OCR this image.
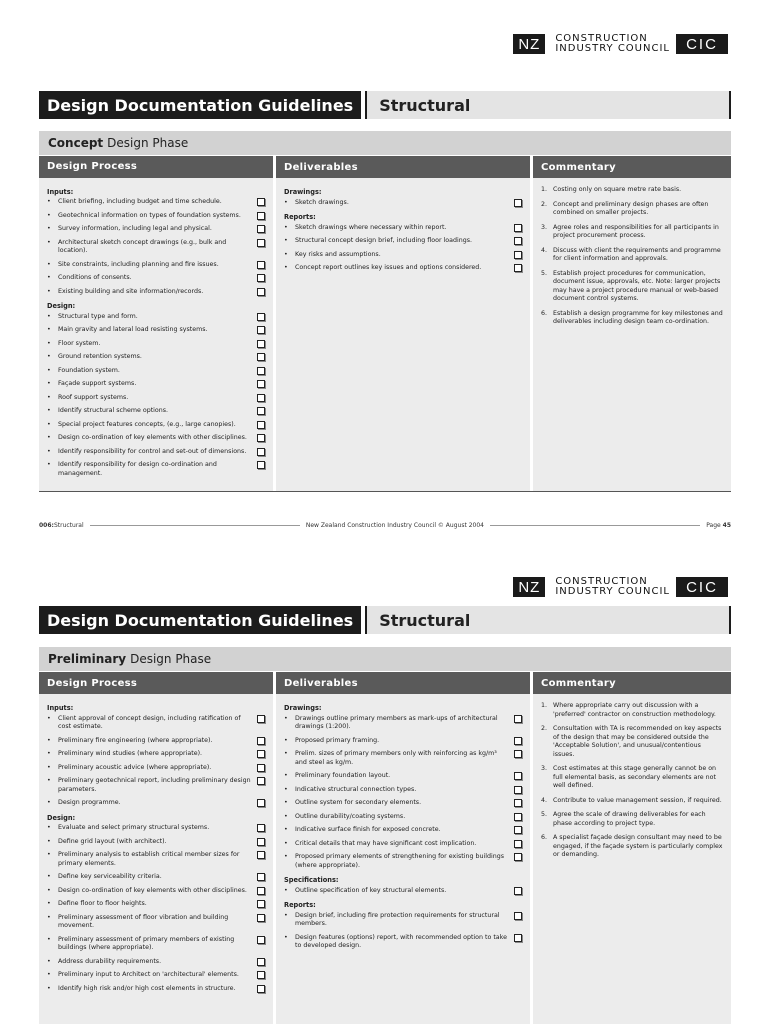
NZ	CONSTRUCTION
INDUSTRY COUNCIL	CIC
Design Documentation Guidelines	Structural
Concept Design Phase
Design Process
Inputs:
•	Client briefing, including budget and time schedule.
•	Geotechnical information on types of foundation systems.
•	Survey information, including legal and physical.
•	Architectural sketch concept drawings (e.g., bulk and location).
•	Site constraints, including planning and fire issues.
•	Conditions of consents.
•	Existing building and site information/records.
Design:
•	Structural type and form.
•	Main gravity and lateral load resisting systems.
•	Floor system.
•	Ground retention systems.
•	Foundation system.
•	Façade support systems.
•	Roof support systems.
•	Identify structural scheme options.
•	Special project features concepts, (e.g., large canopies).
•	Design co-ordination of key elements with other disciplines.
•	Identify responsibility for control and set-out of dimensions.
•	Identify responsibility for design co-ordination and management.
Deliverables
Drawings:
•	Sketch drawings.
Reports:
•	Sketch drawings where necessary within report.
•	Structural concept design brief, including floor loadings.
•	Key risks and assumptions.
•	Concept report outlines key issues and options considered.
Commentary
1. Costing only on square metre rate basis.
2. Concept and preliminary design phases are often combined on smaller projects.
3. Agree roles and responsibilities for all participants in project procurement process.
4. Discuss with client the requirements and programme for client information and approvals.
5. Establish project procedures for communication, document issue, approvals, etc. Note: larger projects may have a project procedure manual or web-based document control systems.
6. Establish a design programme for key milestones and deliverables including design team co-ordination.
006:Structural	New Zealand Construction Industry Council © August 2004	Page 45
NZ	CONSTRUCTION
INDUSTRY COUNCIL	CIC
Design Documentation Guidelines	Structural
Preliminary Design Phase
Design Process
Inputs:
•	Client approval of concept design, including ratification of cost estimate.
•	Preliminary fire engineering (where appropriate).
•	Preliminary wind studies (where appropriate).
•	Preliminary acoustic advice (where appropriate).
•	Preliminary geotechnical report, including preliminary design parameters.
•	Design programme.
Design:
•	Evaluate and select primary structural systems.
•	Define grid layout (with architect).
•	Preliminary analysis to establish critical member sizes for primary elements.
•	Define key serviceability criteria.
•	Design co-ordination of key elements with other disciplines.
•	Define floor to floor heights.
•	Preliminary assessment of floor vibration and building movement.
•	Preliminary assessment of primary members of existing buildings (where appropriate).
•	Address durability requirements.
•	Preliminary input to Architect on 'architectural' elements.
•	Identify high risk and/or high cost elements in structure.
Deliverables
Drawings:
•	Drawings outline primary members as mark-ups of architectural drawings (1:200).
•	Proposed primary framing.
•	Prelim. sizes of primary members only with reinforcing as kg/m³ and steel as kg/m.
•	Preliminary foundation layout.
•	Indicative structural connection types.
•	Outline system for secondary elements.
•	Outline durability/coating systems.
•	Indicative surface finish for exposed concrete.
•	Critical details that may have significant cost implication.
•	Proposed primary elements of strengthening for existing buildings (where appropriate).
Specifications:
•	Outline specification of key structural elements.
Reports:
•	Design brief, including fire protection requirements for structural members.
•	Design features (options) report, with recommended option to take to developed design.
Commentary
1. Where appropriate carry out discussion with a 'preferred' contractor on construction methodology.
2. Consultation with TA is recommended on key aspects of the design that may be considered outside the 'Acceptable Solution', and unusual/contentious issues.
3. Cost estimates at this stage generally cannot be on full elemental basis, as secondary elements are not well defined.
4. Contribute to value management session, if required.
5. Agree the scale of drawing deliverables for each phase according to project type.
6. A specialist façade design consultant may need to be engaged, if the façade system is particularly complex or demanding.
